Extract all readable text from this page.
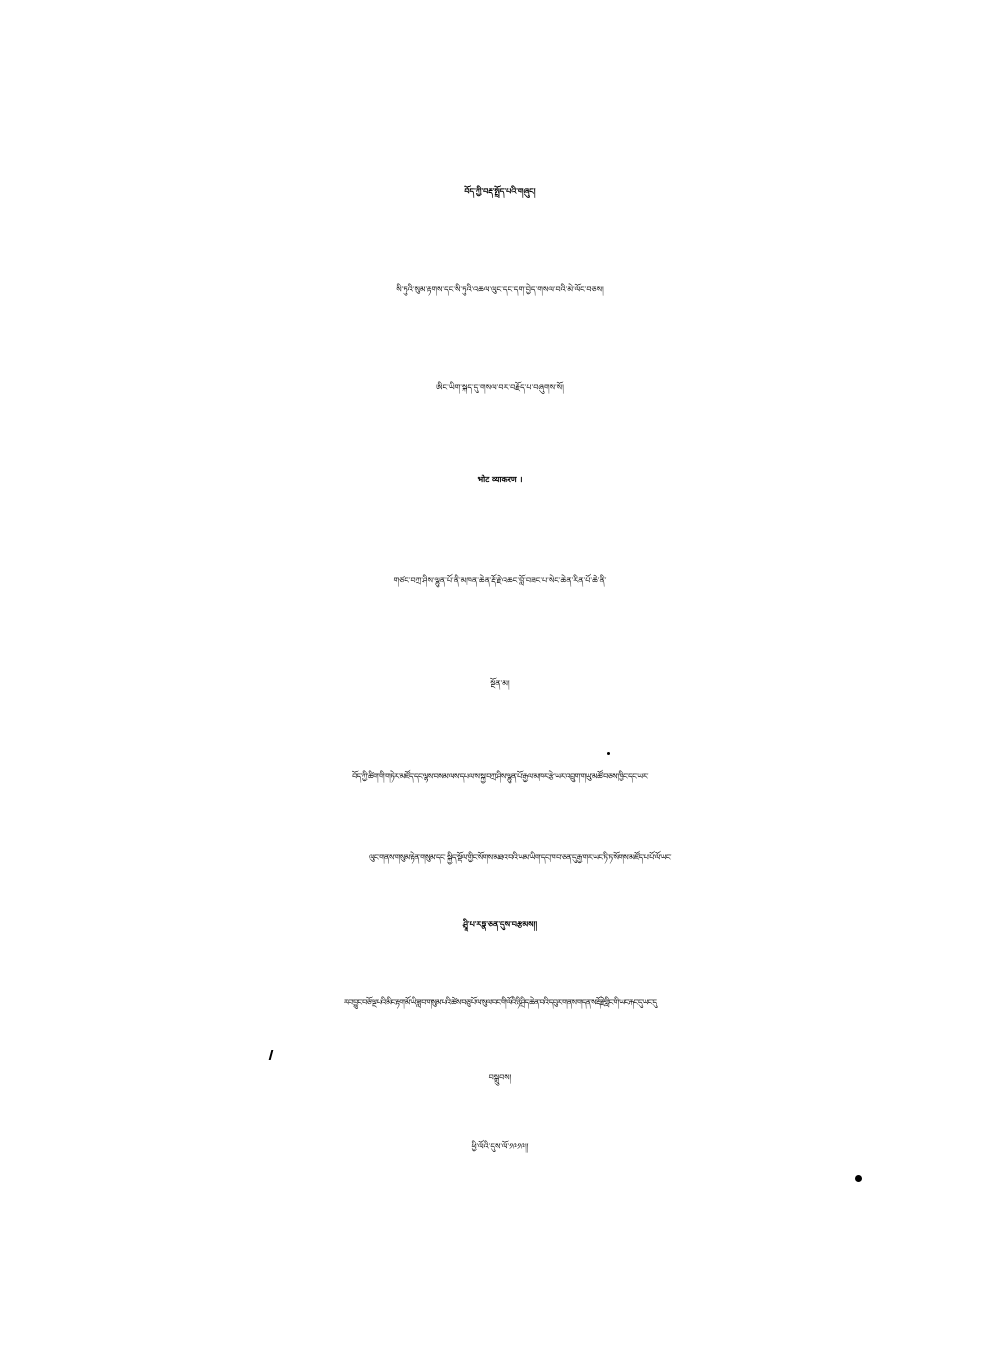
བོད་ཀྱི་བརྡ་སྤྲོད་པའི་གཞུང།
སི་ཏུའི་སུམ་རྟགས་དང་སི་ཏུའི་འཆལ་ལུང་དང་དག་བྱེད་གསལ་བའི་མེ་ལོང་བཅས།
ཨིང་ཡིག་སྐད་དུ་གསལ་བར་བརྗོད་པ་བཞུགས་སོ།
भोट व्याकरण ।
གཙང་བཀྲ་ཤིས་ལྷུན་པོ་ནི་མཁན་ཆེན་རྡོ་རྗེ་འཆང་བློ་བཟང་པ་སེང་ཆེན་རིན་པོ་ཆེ་ནི་
སྔོན་མ།
བོད་ཀྱི་ཚིག་གི་གཏེར་མཛོད་དང་ལྷས་བསམ་ལས་དཔལ་ས་སྐྱ་བཀྲ་ཤིས་ལྷུན་པོ་རྒྱལ་མཁར་རྩེ་ཡར་འབྲུག་གཡུ་མཚོ་བཅས་ཁྱིང་དང་ཡར་
ལུང་གནས་གསུམ་རྟེན་གསུམ་དང་ སྐྱིད་སྡོལ་གྱིང་སོགས་མཐའ་བའི་ཡམ་ཡིག་དང་ཁ་བ་ཅན་དུ་རྒྱ་གར་ཡང་ཏི་ཏ་སོགས་མཛོད་པ་པོ་ལོ་ཡང་
ཤྲཱི་པ་རཏྣ་ཅན་དུས་བརྩམས།།
རབ་བྱུང་བཅོ་ལྔ་པའི་མིང་རྟག་མོ་ཡི་ཟླ་བ་གསུམ་པའི་ཚེས་བཅུ་པོ་ལ་སུལ་བང་གི་ལོའི་ཉི་ཤྲིད་ཆེན་བའི་དབུར་གནས་གདན་ས་རྡོ་རྗེ་གླིང་གི་ཡང་རྐང་དུ་ཡང་དུ
བསྒྲུབས།
ཕྱི་ལོའི་དུས་ལོ་༡༩༡༩།།
